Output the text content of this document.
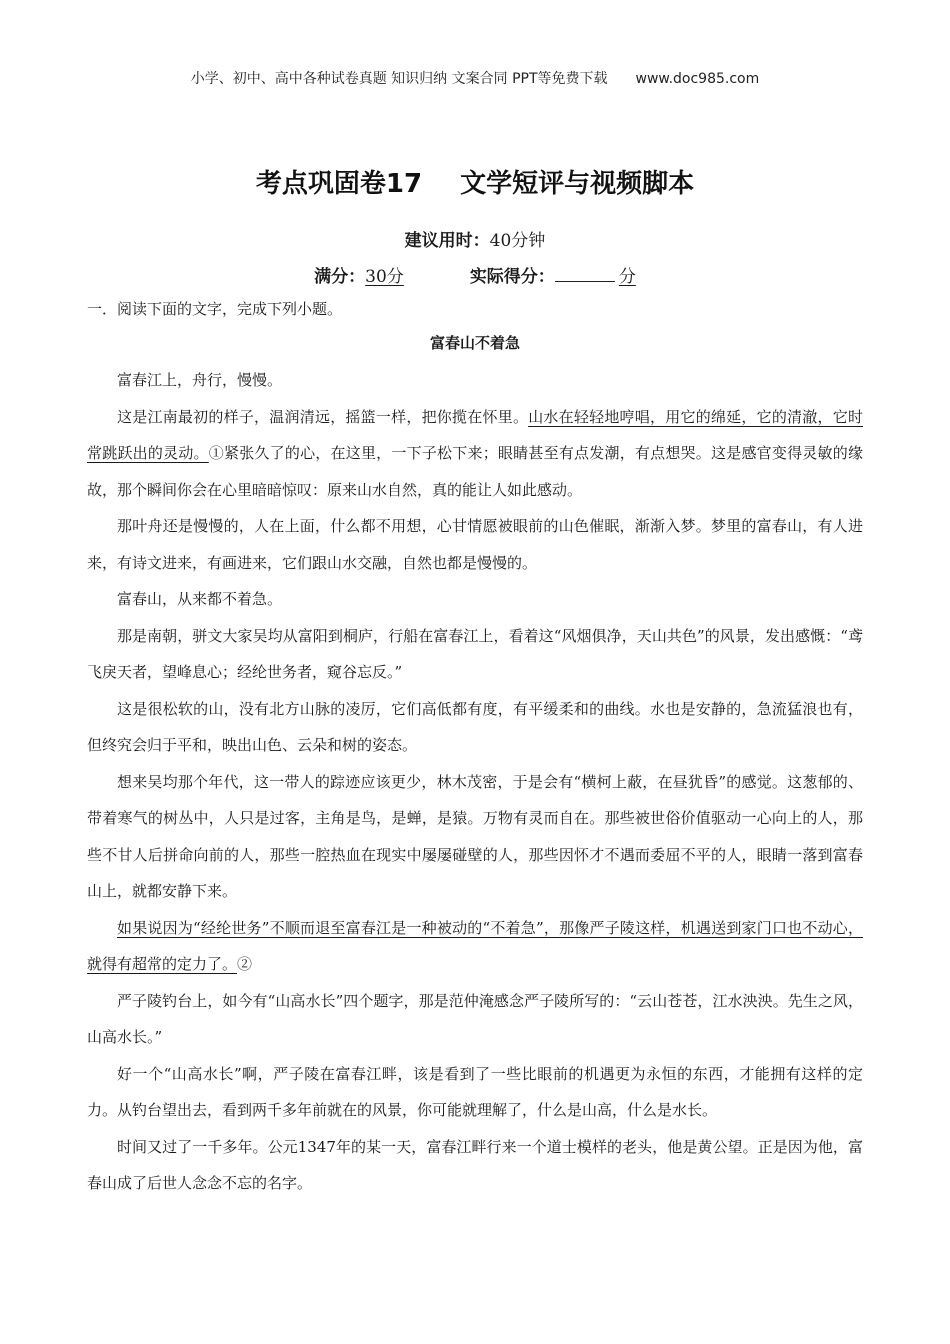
小学、初中、高中各种试卷真题 知识归纳 文案合同 PPT等免费下载 www.doc985.com
考点巩固卷17 文学短评与视频脚本
建议用时：40分钟
满分：30分	实际得分：	分
一．阅读下面的文字，完成下列小题。
富春山不着急

富春江上，舟行，慢慢。

这是江南最初的样子，温润清远，摇篮一样，把你揽在怀里。山水在轻轻地哼唱，用它的绵延，它的清澈，它时常跳跃出的灵动。①紧张久了的心，在这里，一下子松下来；眼睛甚至有点发潮，有点想哭。这是感官变得灵敏的缘故，那个瞬间你会在心里暗暗惊叹：原来山水自然，真的能让人如此感动。

那叶舟还是慢慢的，人在上面，什么都不用想，心甘情愿被眼前的山色催眠，渐渐入梦。梦里的富春山，有人进来，有诗文进来，有画进来，它们跟山水交融，自然也都是慢慢的。

富春山，从来都不着急。

那是南朝，骈文大家吴均从富阳到桐庐，行船在富春江上，看着这“风烟俱净，天山共色”的风景，发出感慨：“鸢飞戾天者，望峰息心；经纶世务者，窥谷忘反。”

这是很松软的山，没有北方山脉的凌厉，它们高低都有度，有平缓柔和的曲线。水也是安静的，急流猛浪也有，但终究会归于平和，映出山色、云朵和树的姿态。

想来吴均那个年代，这一带人的踪迹应该更少，林木茂密，于是会有“横柯上蔽，在昼犹昏”的感觉。这葱郁的、带着寒气的树丛中，人只是过客，主角是鸟，是蝉，是猿。万物有灵而自在。那些被世俗价值驱动一心向上的人，那些不甘人后拼命向前的人，那些一腔热血在现实中屡屡碰壁的人，那些因怀才不遇而委屈不平的人，眼睛一落到富春山上，就都安静下来。

如果说因为“经纶世务”不顺而退至富春江是一种被动的“不着急”，那像严子陵这样，机遇送到家门口也不动心，就得有超常的定力了。②

严子陵钓台上，如今有“山高水长”四个题字，那是范仲淹感念严子陵所写的：“云山苍苍，江水泱泱。先生之风，山高水长。”

好一个“山高水长”啊，严子陵在富春江畔，该是看到了一些比眼前的机遇更为永恒的东西，才能拥有这样的定力。从钓台望出去，看到两千多年前就在的风景，你可能就理解了，什么是山高，什么是水长。

时间又过了一千多年。公元1347年的某一天，富春江畔行来一个道士模样的老头，他是黄公望。正是因为他，富春山成了后世人念念不忘的名字。
